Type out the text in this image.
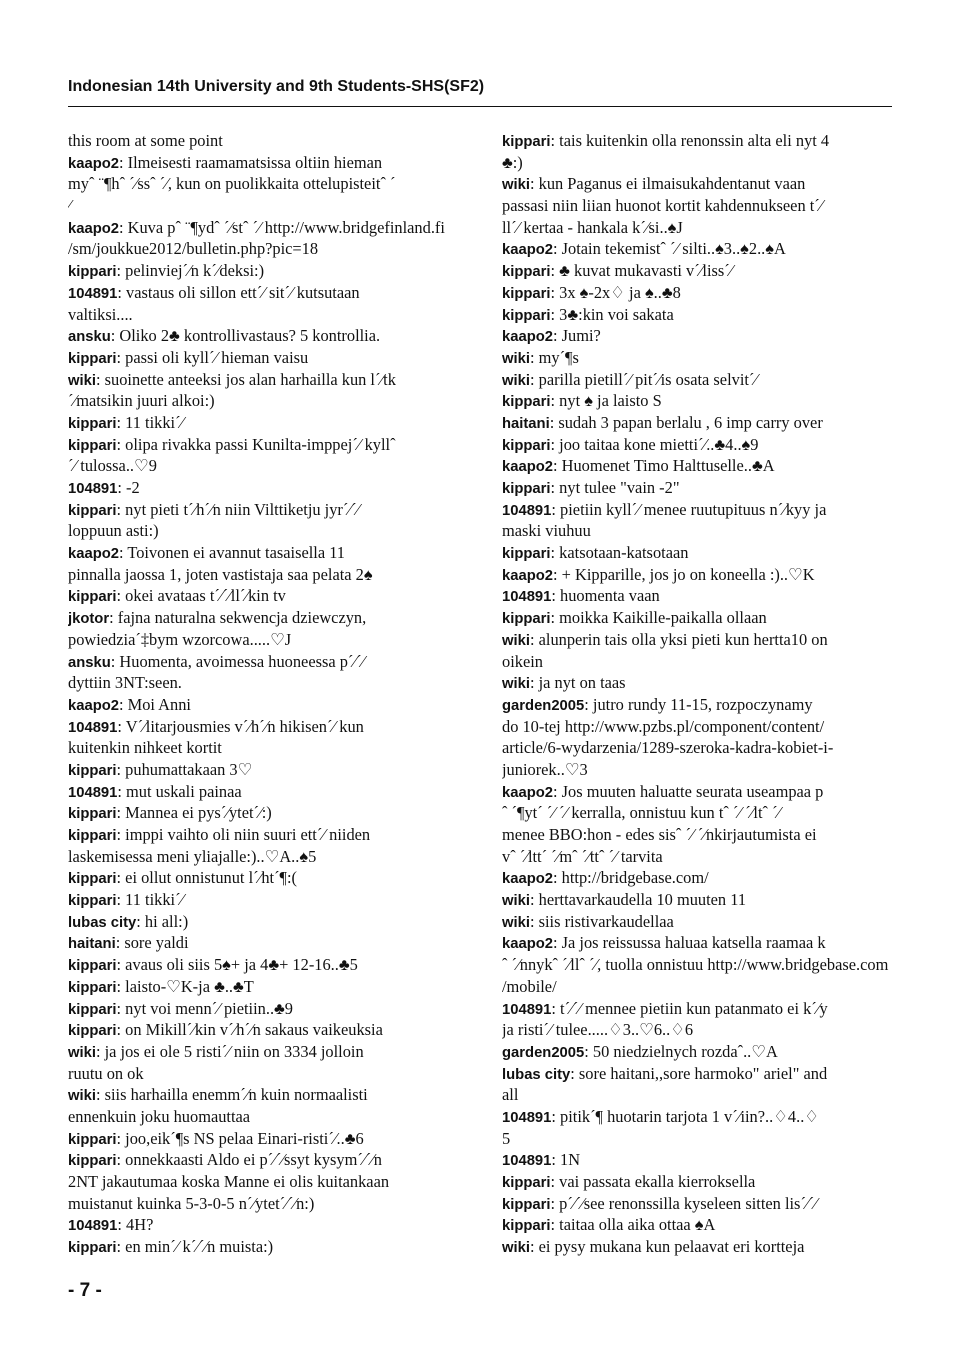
Indonesian 14th University and 9th Students-SHS(SF2)
this room at some point
kaapo2: Ilmeisesti raamamatsissa oltiin hieman
myˆ ¨¶hˆ ´⁄ssˆ ´⁄, kun on puolikkaita ottelupisteitˆ ´
⁄
kaapo2: Kuva pˆ ¨¶ydˆ ´⁄stˆ ´⁄ http://www.bridgefinland.fi
/sm/joukkue2012/bulletin.php?pic=18
kippari: pelinviej´⁄n k´⁄deksi:)
104891: vastaus oli sillon ett´⁄ sit´⁄ kutsutaan
valtiksi....
ansku: Oliko 2♣ kontrollivastaus? 5 kontrollia.
kippari: passi oli kyll´⁄ hieman vaisu
wiki: suoinette anteeksi jos alan harhailla kun l´⁄tk
´⁄matsikin juuri alkoi:)
kippari: 11 tikki´⁄
kippari: olipa rivakka passi Kunilta-imppej´⁄ kyllˆ
´⁄ tulossa..♡9
104891: -2
kippari: nyt pieti t´⁄h´⁄n niin Vilttiketju jyr´⁄´⁄
loppuun asti:)
kaapo2: Toivonen ei avannut tasaisella 11
pinnalla jaossa 1, joten vastistaja saa pelata 2♠
kippari: okei avataas t´⁄´⁄ll´⁄kin tv
jkotor: fajna naturalna sekwencja dziewczyn,
powiedzia´‡bym wzorcowa.....♡J
ansku: Huomenta, avoimessa huoneessa p´⁄´⁄
dyttiin 3NT:seen.
kaapo2: Moi Anni
104891: V´⁄litarjousmies v´⁄h´⁄n hikisen´⁄ kun
kuitenkin nihkeet kortit
kippari: puhumattakaan 3♡
104891: mut uskali painaa
kippari: Mannea ei pys´⁄ytet´⁄:)
kippari: imppi vaihto oli niin suuri ett´⁄ niiden
laskemisessa meni yliajalle:)..♡A..♠5
kippari: ei ollut onnistunut l´⁄ht´¶:(
kippari: 11 tikki´⁄
lubas city: hi all:)
haitani: sore yaldi
kippari: avaus oli siis 5♠+ ja 4♣+ 12-16..♣5
kippari: laisto-♡K-ja ♣..♣T
kippari: nyt voi menn´⁄ pietiin..♣9
kippari: on Mikill´⁄kin v´⁄h´⁄n sakaus vaikeuksia
wiki: ja jos ei ole 5 risti´⁄ niin on 3334 jolloin
ruutu on ok
wiki: siis harhailla enemm´⁄n kuin normaalisti
ennenkuin joku huomauttaa
kippari: joo,eik´¶s NS pelaa Einari-risti´⁄..♣6
kippari: onnekkaasti Aldo ei p´⁄´⁄ssyt kysym´⁄´⁄n
2NT jakautumaa koska Manne ei olis kuitankaan
muistanut kuinka 5-3-0-5 n´⁄ytet´⁄´⁄n:)
104891: 4H?
kippari: en min´⁄ k´⁄´⁄n muista:)
kippari: tais kuitenkin olla renonssin alta eli nyt 4
♣:)
wiki: kun Paganus ei ilmaisukahdentanut vaan
passasi niin liian huonot kortit kahdennukseen t´⁄
ll´⁄ kertaa - hankala k´⁄si..♠J
kaapo2: Jotain tekemistˆ ´⁄ silti..♠3..♠2..♠A
kippari: ♣ kuvat mukavasti v´⁄liss´⁄
kippari: 3x ♠-2x♢ ja ♠..♣8
kippari: 3♣:kin voi sakata
kaapo2: Jumi?
wiki: my´¶s
wiki: parilla pietill´⁄ pit´⁄is osata selvit´⁄
kippari: nyt ♠ ja laisto S
haitani: sudah 3 papan berlalu , 6 imp carry over
kippari: joo taitaa kone mietti´⁄..♣4..♠9
kaapo2: Huomenet Timo Halttuselle..♣A
kippari: nyt tulee "vain -2"
104891: pietiin kyll´⁄ menee ruutupituus n´⁄kyy ja
maski viuhuu
kippari: katsotaan-katsotaan
kaapo2: + Kipparille, jos jo on koneella :)..♡K
104891: huomenta vaan
kippari: moikka Kaikille-paikalla ollaan
wiki: alunperin tais olla yksi pieti kun hertta10 on
oikein
wiki: ja nyt on taas
garden2005: jutro rundy 11-15, rozpoczynamy
do 10-tej http://www.pzbs.pl/component/content/
article/6-wydarzenia/1289-szeroka-kadra-kobiet-i-
juniorek..♡3
kaapo2: Jos muuten haluatte seurata useampaa p
ˆ ´¶yt´ ´⁄ ´⁄ kerralla, onnistuu kun tˆ ´⁄ ´⁄ltˆ ´⁄
menee BBO:hon - edes sisˆ ´⁄ ´⁄nkirjautumista ei
vˆ ´⁄ltt´ ´⁄mˆ ´⁄ttˆ ´⁄ tarvita
kaapo2: http://bridgebase.com/
wiki: herttavarkaudella 10 muuten 11
wiki: siis ristivarkaudellaa
kaapo2: Ja jos reissussa haluaa katsella raamaa k
ˆ ´⁄nnykˆ ´⁄llˆ ´⁄, tuolla onnistuu http://www.bridgebase.com
/mobile/
104891: t´⁄´⁄ mennee pietiin kun patanmato ei k´⁄y
ja risti´⁄ tulee.....♢3..♡6..♢6
garden2005: 50 niedzielnych rozdaˆ..♡A
lubas city: sore haitani,,sore harmoko" ariel" and
all
104891: pitik´¶ huotarin tarjota 1 v´⁄iin?..♢4..♢
5
104891: 1N
kippari: vai passata ekalla kierroksella
kippari: p´⁄´⁄see renonssilla kyseleen sitten lis´⁄´⁄
kippari: taitaa olla aika ottaa ♠A
wiki: ei pysy mukana kun pelaavat eri kortteja
- 7 -
